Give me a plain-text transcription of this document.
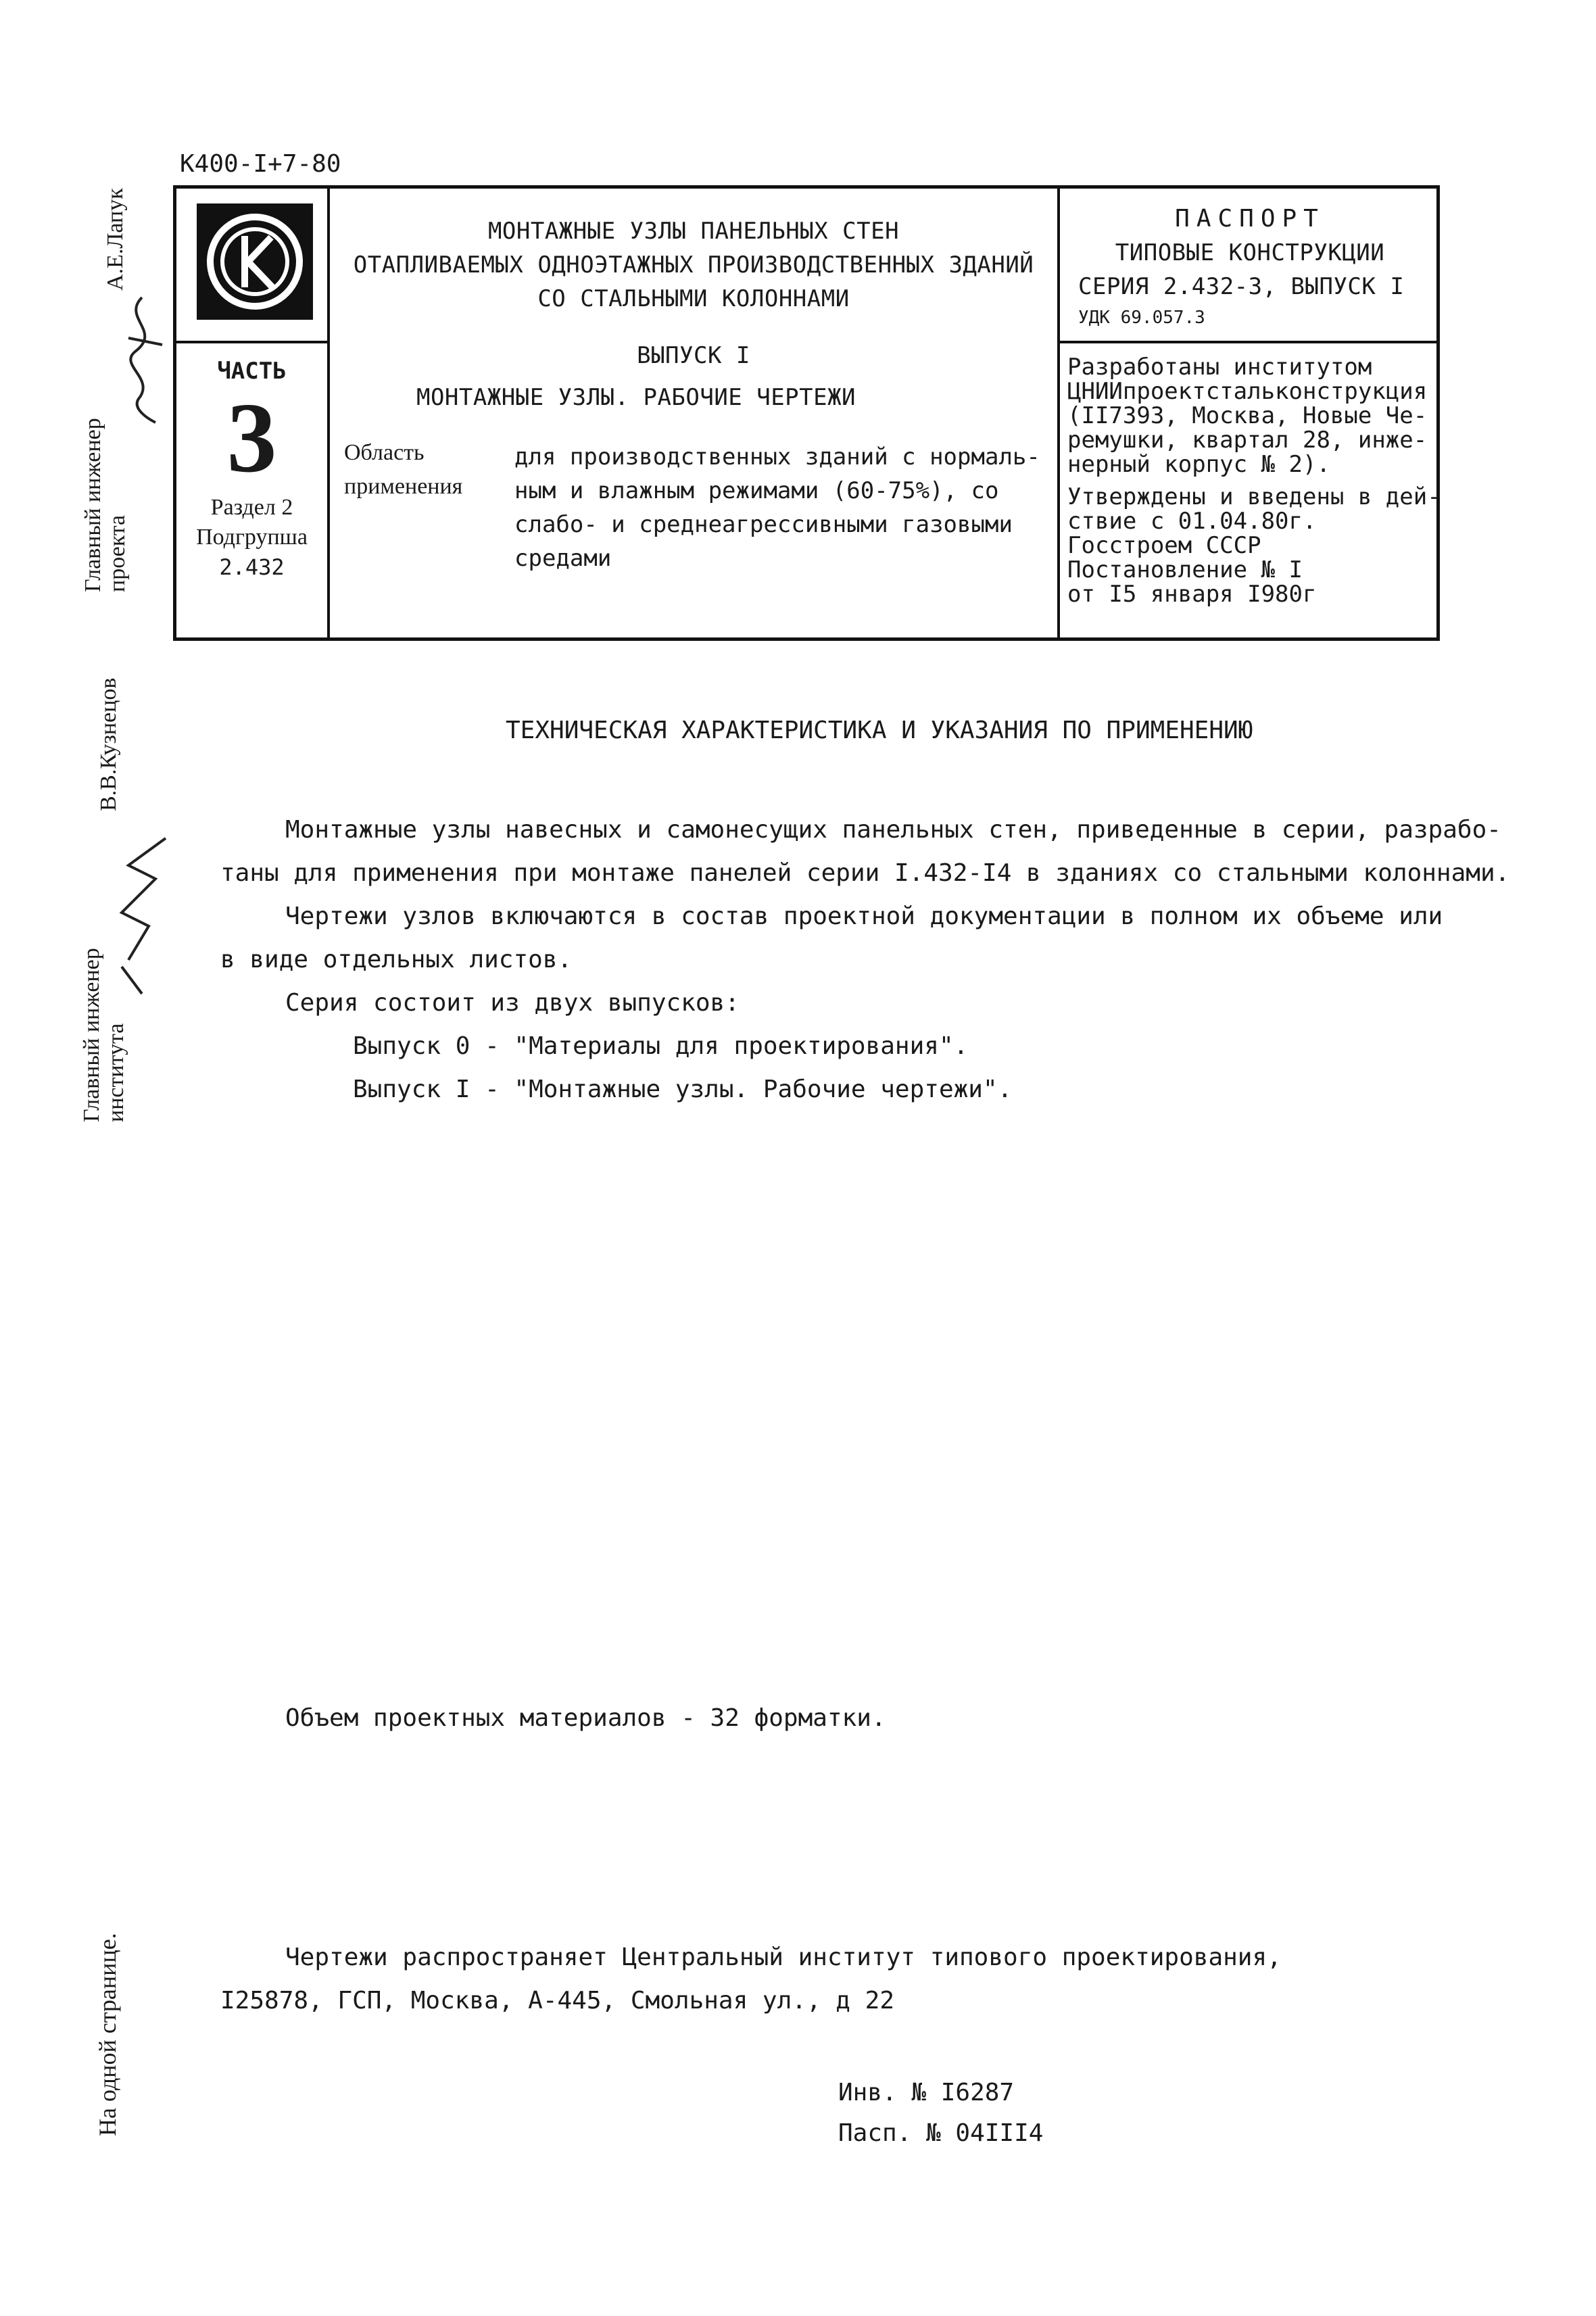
К400-I+7-80
Главный инженер проекта
А.Е.Лапук
В.В.Кузнецов
Главный инженер института
На одной странице.
МОНТАЖНЫЕ УЗЛЫ ПАНЕЛЬНЫХ СТЕН
ОТАПЛИВАЕМЫХ ОДНОЭТАЖНЫХ ПРОИЗВОДСТВЕННЫХ ЗДАНИЙ
СО СТАЛЬНЫМИ КОЛОННАМИ
ПАСПОРТ
ТИПОВЫЕ КОНСТРУКЦИИ
СЕРИЯ 2.432-3, ВЫПУСК I
УДК 69.057.3
ЧАСТЬ
3
Раздел 2
Подгрупша
2.432
ВЫПУСК I
МОНТАЖНЫЕ УЗЛЫ. РАБОЧИЕ ЧЕРТЕЖИ
Область
применения
для производственных зданий с нормаль-
ным и влажным режимами (60-75%), со
слабо- и среднеагрессивными газовыми
средами
Разработаны институтом
ЦНИИпроектстальконструкция
(II7393, Москва, Новые Че-
ремушки, квартал 28, инже-
нерный корпус № 2).
Утверждены и введены в дей-
ствие с 01.04.80г.
Госстроем СССР
Постановление № I
от I5 января I980г
ТЕХНИЧЕСКАЯ ХАРАКТЕРИСТИКА И УКАЗАНИЯ ПО ПРИМЕНЕНИЮ
Монтажные узлы навесных и самонесущих панельных стен, приведенные в серии, разрабо-
таны для применения при монтаже панелей серии I.432-I4 в зданиях со стальными колоннами.
Чертежи узлов включаются в состав проектной документации в полном их объеме или
в виде отдельных листов.
Серия состоит из двух выпусков:
Выпуск 0 - "Материалы для проектирования".
Выпуск I - "Монтажные узлы. Рабочие чертежи".
Объем проектных материалов - 32 форматки.
Чертежи распространяет Центральный институт типового проектирования,
I25878, ГСП, Москва, А-445, Смольная ул., д 22
Инв. № I6287
Пасп. № 04III4
